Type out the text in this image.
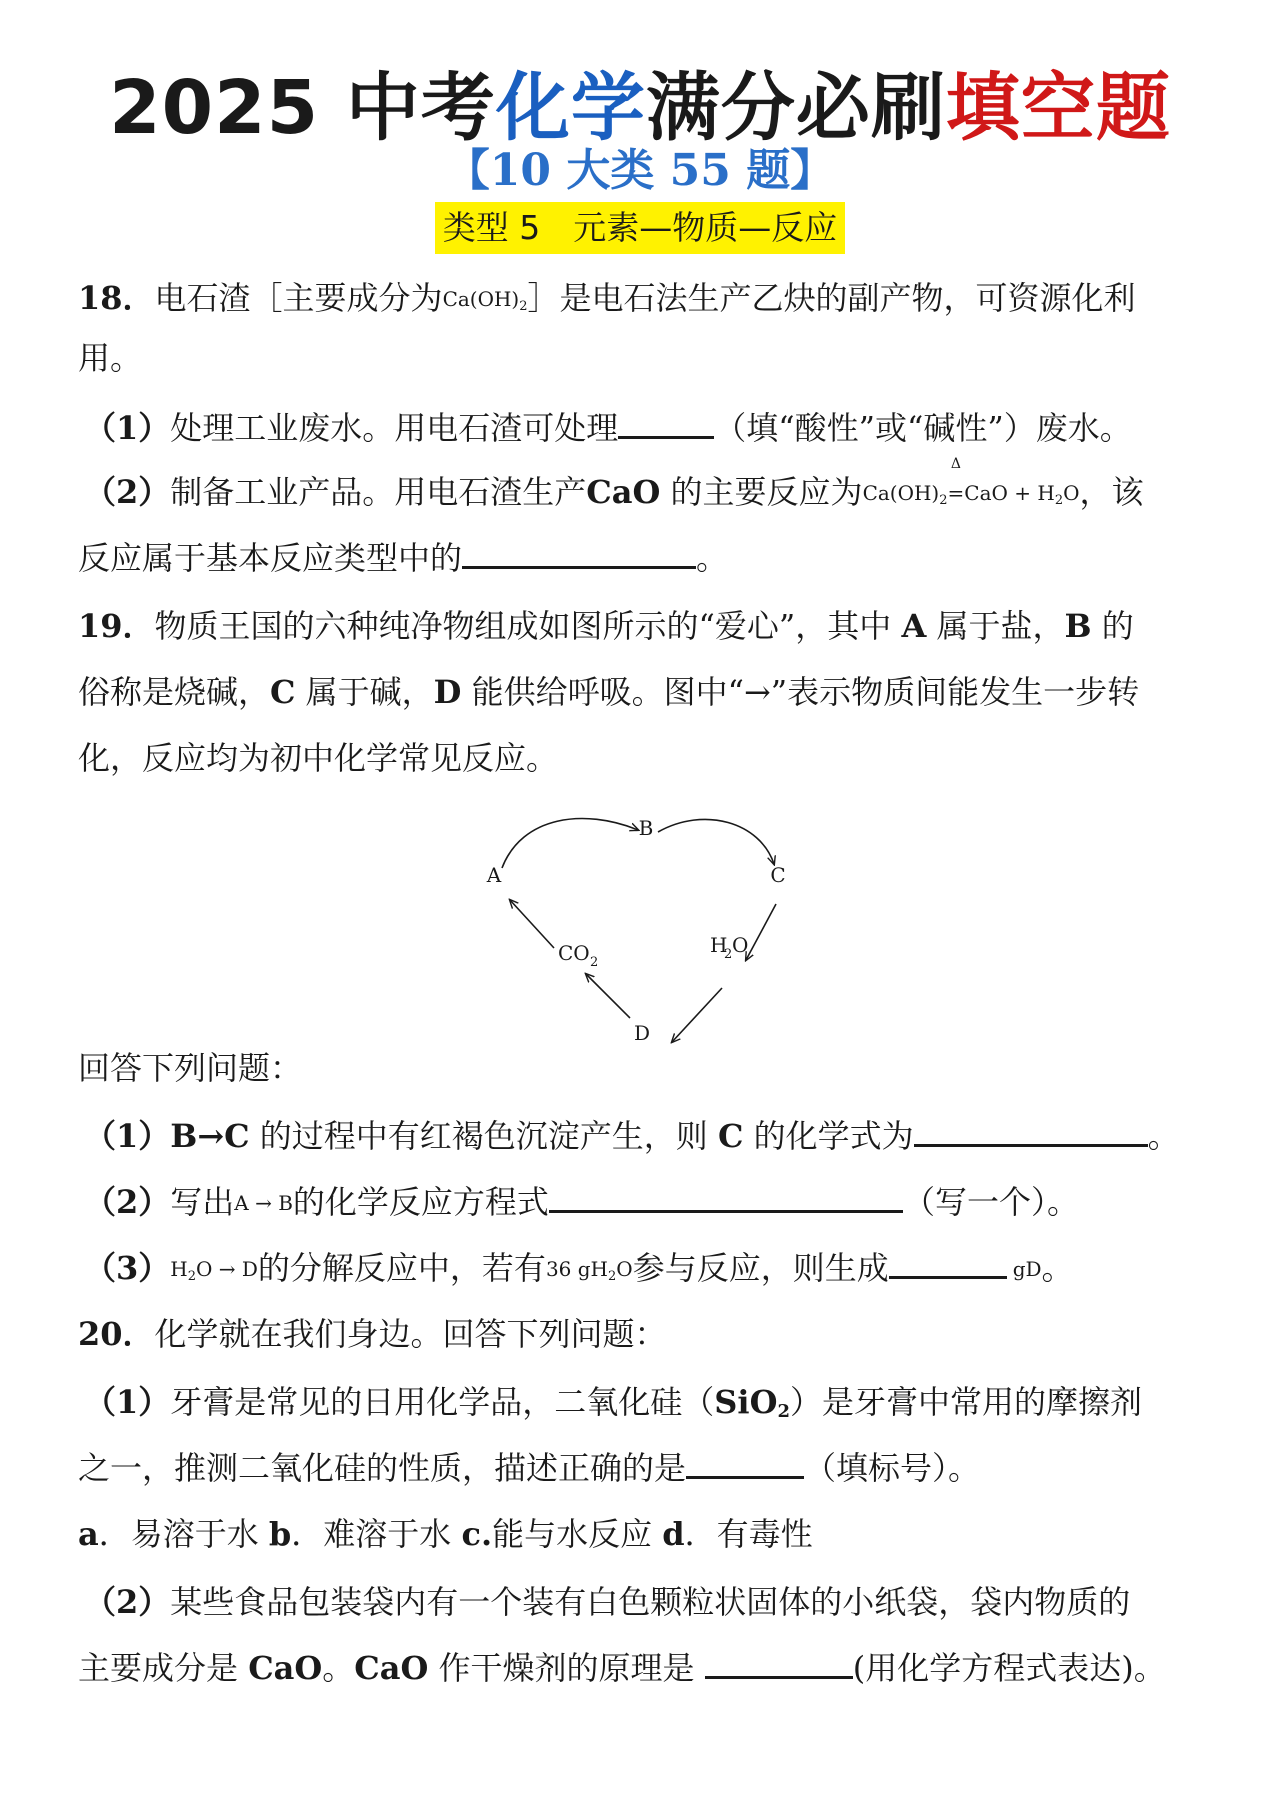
2025 中考化学满分必刷填空题
【10 大类 55 题】
类型 5　元素—物质—反应
18．电石渣［主要成分为$Ca(OH)_2]$是电石法生产乙炔的副产物，可资源化利
用。
（1）处理工业废水。用电石渣可处理	（填“酸性”或“碱性”）废水。
（2）制备工业产品。用电石渣生产CaO 的主要反应为$Ca(OH)_2$
Δ
$=CaO + H_2O$，该
反应属于基本反应类型中的	。
19．物质王国的六种纯净物组成如图所示的“爱心”，其中 A 属于盐，B 的
俗称是烧碱，C 属于碱，D 能供给呼吸。图中“→”表示物质间能发生一步转
化，反应均为初中化学常见反应。
B
A	C
D
CO 2
H
2 O
回答下列问题：
（1）B→C 的过程中有红褐色沉淀产生，则 C 的化学式为	。
（2）写出A → B的化学反应方程式	（写一个）。
$(3)H_2O \to D$的分解反应中，若有36 $gH_2O$参与反应，则生成	gD。
20．化学就在我们身边。回答下列问题：
（1）牙膏是常见的日用化学品，二氧化硅（SiO$_2$）是牙膏中常用的摩擦剂
之一，推测二氧化硅的性质，描述正确的是	（填标号）。
a．易溶于水 b．难溶于水 c.能与水反应 d．有毒性
（2）某些食品包装袋内有一个装有白色颗粒状固体的小纸袋，袋内物质的
主要成分是 CaO。CaO 作干燥剂的原理是	(用化学方程式表达)。
